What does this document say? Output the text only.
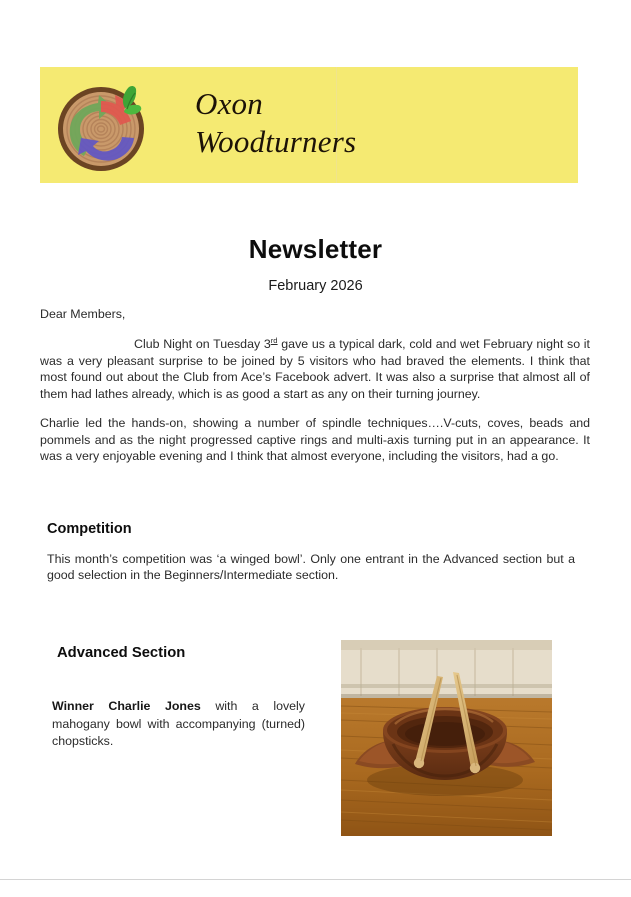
Oxon
Woodturners
Newsletter
February 2026

Dear Members,

Club Night on Tuesday 3rd gave us a typical dark, cold and wet February night so it was a very pleasant surprise to be joined by 5 visitors who had braved the elements. I think that most found out about the Club from Ace’s Facebook advert. It was also a surprise that almost all of them had lathes already, which is as good a start as any on their turning journey.

Charlie led the hands-on, showing a number of spindle techniques….V-cuts, coves, beads and pommels and as the night progressed captive rings and multi-axis turning put in an appearance. It was a very enjoyable evening and I think that almost everyone, including the visitors, had a go.

Competition

This month’s competition was ‘a winged bowl’. Only one entrant in the Advanced section but a good selection in the Beginners/Intermediate section.

Advanced Section

Winner Charlie Jones with a lovely mahogany bowl with accompanying (turned) chopsticks.
